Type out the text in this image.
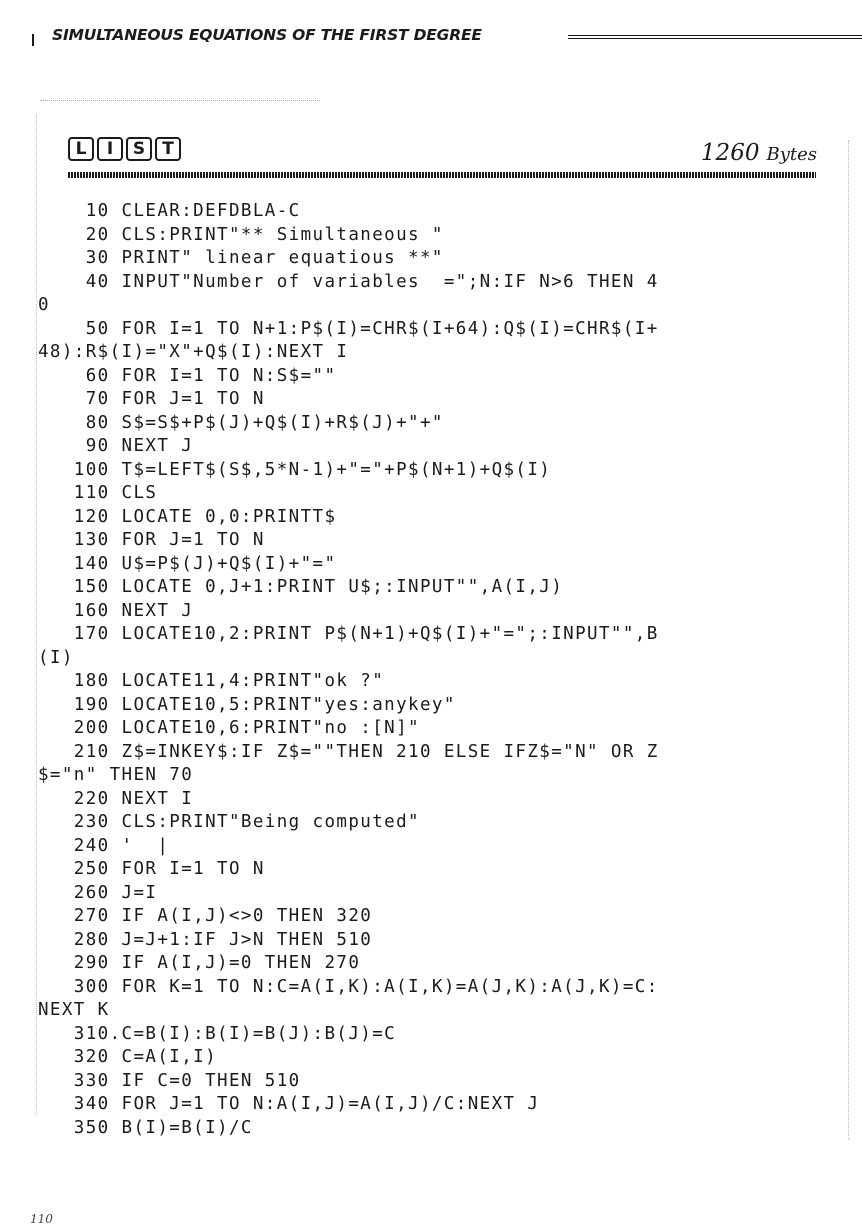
SIMULTANEOUS EQUATIONS OF THE FIRST DEGREE
L	I	S	T	1260 Bytes
10 CLEAR:DEFDBLA-C
20 CLS:PRINT"** Simultaneous "
30 PRINT" linear equatious **"
40 INPUT"Number of variables  =";N:IF N>6 THEN 4
0
50 FOR I=1 TO N+1:P$(I)=CHR$(I+64):Q$(I)=CHR$(I+
48):R$(I)="X"+Q$(I):NEXT I
60 FOR I=1 TO N:S$=""
70 FOR J=1 TO N
80 S$=S$+P$(J)+Q$(I)+R$(J)+"+"
90 NEXT J
100 T$=LEFT$(S$,5*N-1)+"="+P$(N+1)+Q$(I)
110 CLS
120 LOCATE 0,0:PRINTT$
130 FOR J=1 TO N
140 U$=P$(J)+Q$(I)+"="
150 LOCATE 0,J+1:PRINT U$;:INPUT"",A(I,J)
160 NEXT J
170 LOCATE10,2:PRINT P$(N+1)+Q$(I)+"=";:INPUT"",B
(I)
180 LOCATE11,4:PRINT"ok ?"
190 LOCATE10,5:PRINT"yes:anykey"
200 LOCATE10,6:PRINT"no :[N]"
210 Z$=INKEY$:IF Z$=""THEN 210 ELSE IFZ$="N" OR Z
$="n" THEN 70
220 NEXT I
230 CLS:PRINT"Being computed"
240 '  |
250 FOR I=1 TO N
260 J=I
270 IF A(I,J)<>0 THEN 320
280 J=J+1:IF J>N THEN 510
290 IF A(I,J)=0 THEN 270
300 FOR K=1 TO N:C=A(I,K):A(I,K)=A(J,K):A(J,K)=C:
NEXT K
310.C=B(I):B(I)=B(J):B(J)=C
320 C=A(I,I)
330 IF C=0 THEN 510
340 FOR J=1 TO N:A(I,J)=A(I,J)/C:NEXT J
350 B(I)=B(I)/C
110
